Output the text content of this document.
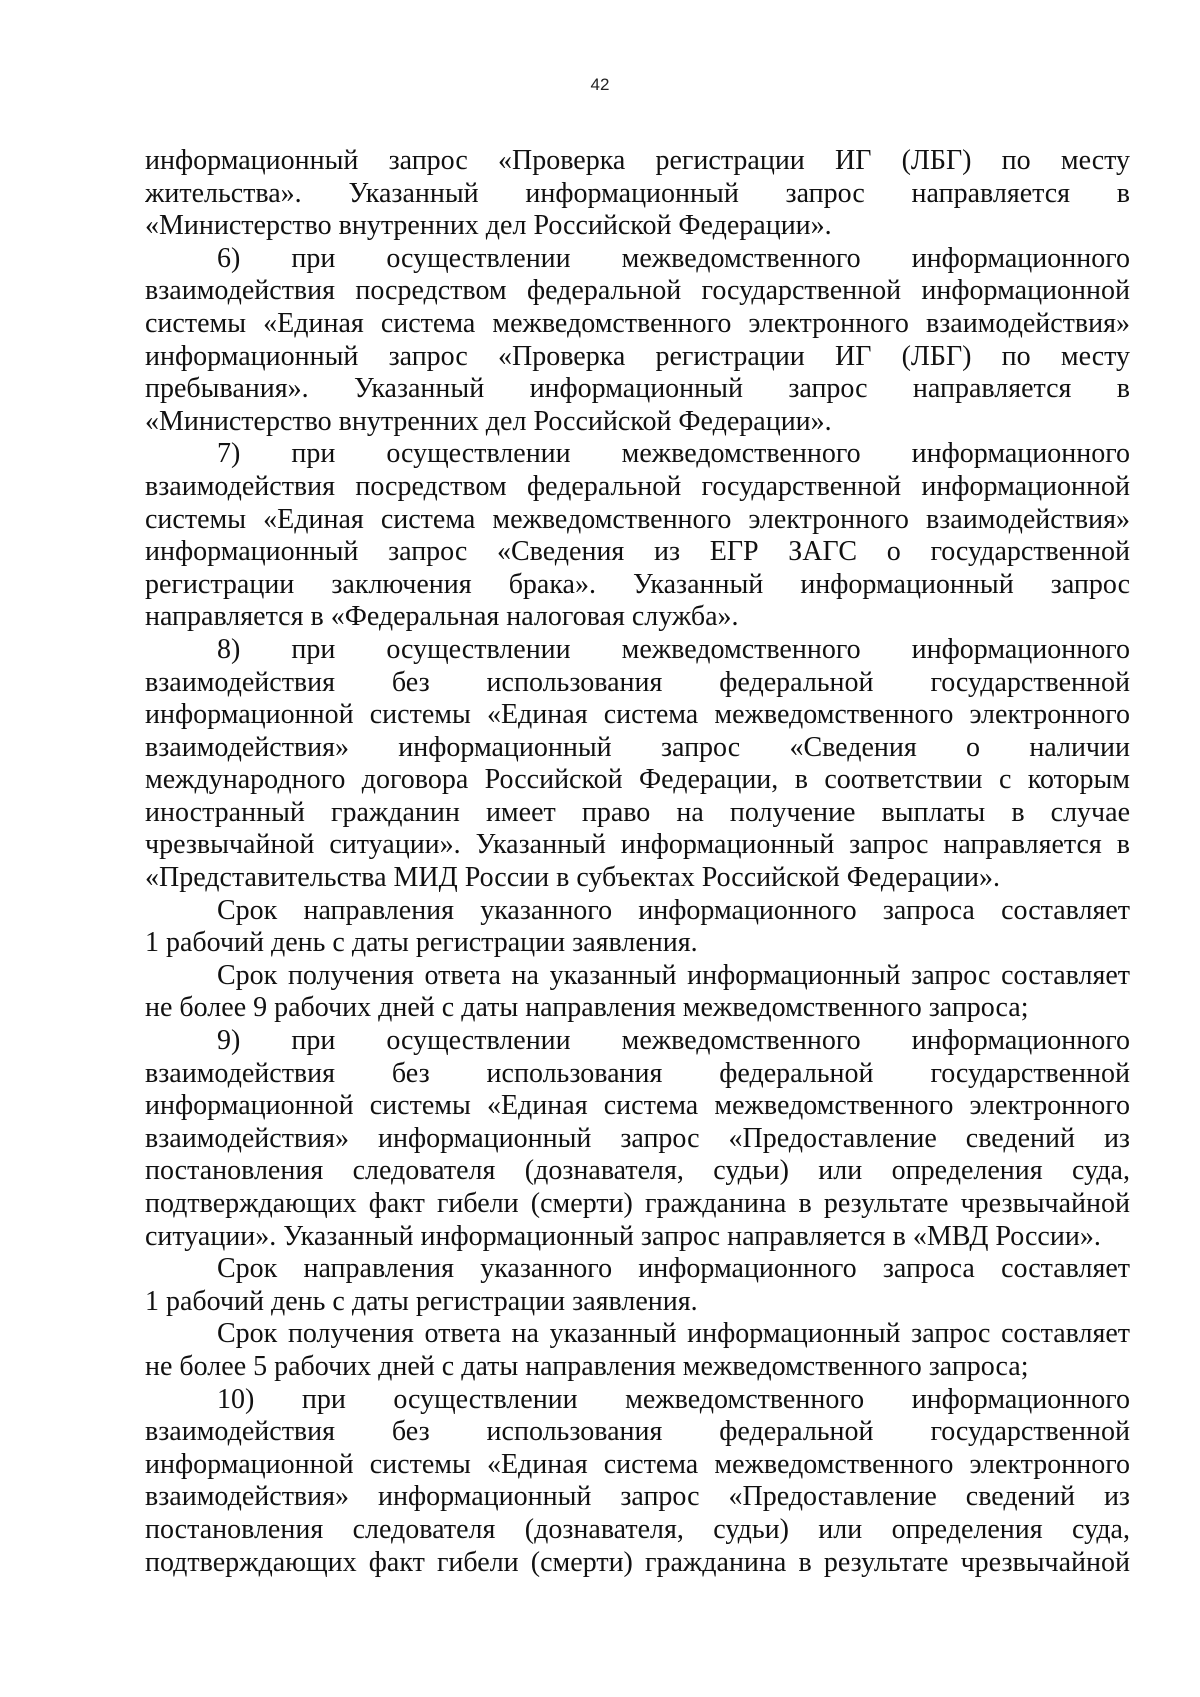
42
информационный запрос «Проверка регистрации ИГ (ЛБГ) по месту
жительства». Указанный информационный запрос направляется в
«Министерство внутренних дел Российской Федерации».
6) при осуществлении межведомственного информационного
взаимодействия посредством федеральной государственной информационной
системы «Единая система межведомственного электронного взаимодействия»
информационный запрос «Проверка регистрации ИГ (ЛБГ) по месту
пребывания». Указанный информационный запрос направляется в
«Министерство внутренних дел Российской Федерации».
7) при осуществлении межведомственного информационного
взаимодействия посредством федеральной государственной информационной
системы «Единая система межведомственного электронного взаимодействия»
информационный запрос «Сведения из ЕГР ЗАГС о государственной
регистрации заключения брака». Указанный информационный запрос
направляется в «Федеральная налоговая служба».
8) при осуществлении межведомственного информационного
взаимодействия без использования федеральной государственной
информационной системы «Единая система межведомственного электронного
взаимодействия» информационный запрос «Сведения о наличии
международного договора Российской Федерации, в соответствии с которым
иностранный гражданин имеет право на получение выплаты в случае
чрезвычайной ситуации». Указанный информационный запрос направляется в
«Представительства МИД России в субъектах Российской Федерации».
Срок направления указанного информационного запроса составляет
1 рабочий день с даты регистрации заявления.
Срок получения ответа на указанный информационный запрос составляет
не более 9 рабочих дней с даты направления межведомственного запроса;
9) при осуществлении межведомственного информационного
взаимодействия без использования федеральной государственной
информационной системы «Единая система межведомственного электронного
взаимодействия» информационный запрос «Предоставление сведений из
постановления следователя (дознавателя, судьи) или определения суда,
подтверждающих факт гибели (смерти) гражданина в результате чрезвычайной
ситуации». Указанный информационный запрос направляется в «МВД России».
Срок направления указанного информационного запроса составляет
1 рабочий день с даты регистрации заявления.
Срок получения ответа на указанный информационный запрос составляет
не более 5 рабочих дней с даты направления межведомственного запроса;
10) при осуществлении межведомственного информационного
взаимодействия без использования федеральной государственной
информационной системы «Единая система межведомственного электронного
взаимодействия» информационный запрос «Предоставление сведений из
постановления следователя (дознавателя, судьи) или определения суда,
подтверждающих факт гибели (смерти) гражданина в результате чрезвычайной
